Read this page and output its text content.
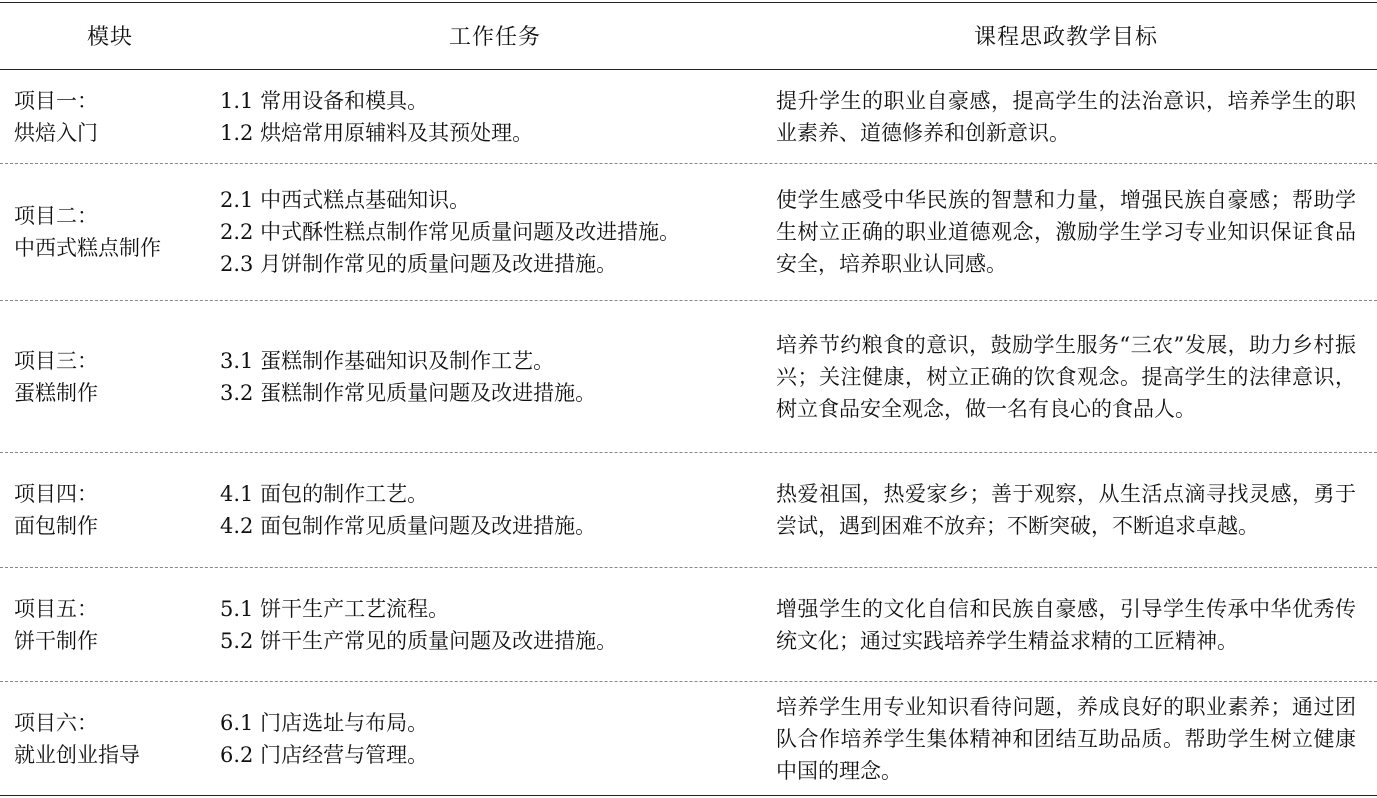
模块	工作任务	课程思政教学目标
项目一：
烘焙入门
1.1 常用设备和模具。
1.2 烘焙常用原辅料及其预处理。
提升学生的职业自豪感，提高学生的法治意识，培养学生的职业素养、道德修养和创新意识。
项目二：
中西式糕点制作
2.1 中西式糕点基础知识。
2.2 中式酥性糕点制作常见质量问题及改进措施。
2.3 月饼制作常见的质量问题及改进措施。
使学生感受中华民族的智慧和力量，增强民族自豪感；帮助学生树立正确的职业道德观念，激励学生学习专业知识保证食品安全，培养职业认同感。
项目三：
蛋糕制作
3.1 蛋糕制作基础知识及制作工艺。
3.2 蛋糕制作常见质量问题及改进措施。
培养节约粮食的意识，鼓励学生服务“三农”发展，助力乡村振兴；关注健康，树立正确的饮食观念。提高学生的法律意识，树立食品安全观念，做一名有良心的食品人。
项目四：
面包制作
4.1 面包的制作工艺。
4.2 面包制作常见质量问题及改进措施。
热爱祖国，热爱家乡；善于观察，从生活点滴寻找灵感，勇于尝试，遇到困难不放弃；不断突破，不断追求卓越。
项目五：
饼干制作
5.1 饼干生产工艺流程。
5.2 饼干生产常见的质量问题及改进措施。
增强学生的文化自信和民族自豪感，引导学生传承中华优秀传统文化；通过实践培养学生精益求精的工匠精神。
项目六：
就业创业指导
6.1 门店选址与布局。
6.2 门店经营与管理。
培养学生用专业知识看待问题，养成良好的职业素养；通过团队合作培养学生集体精神和团结互助品质。帮助学生树立健康中国的理念。
